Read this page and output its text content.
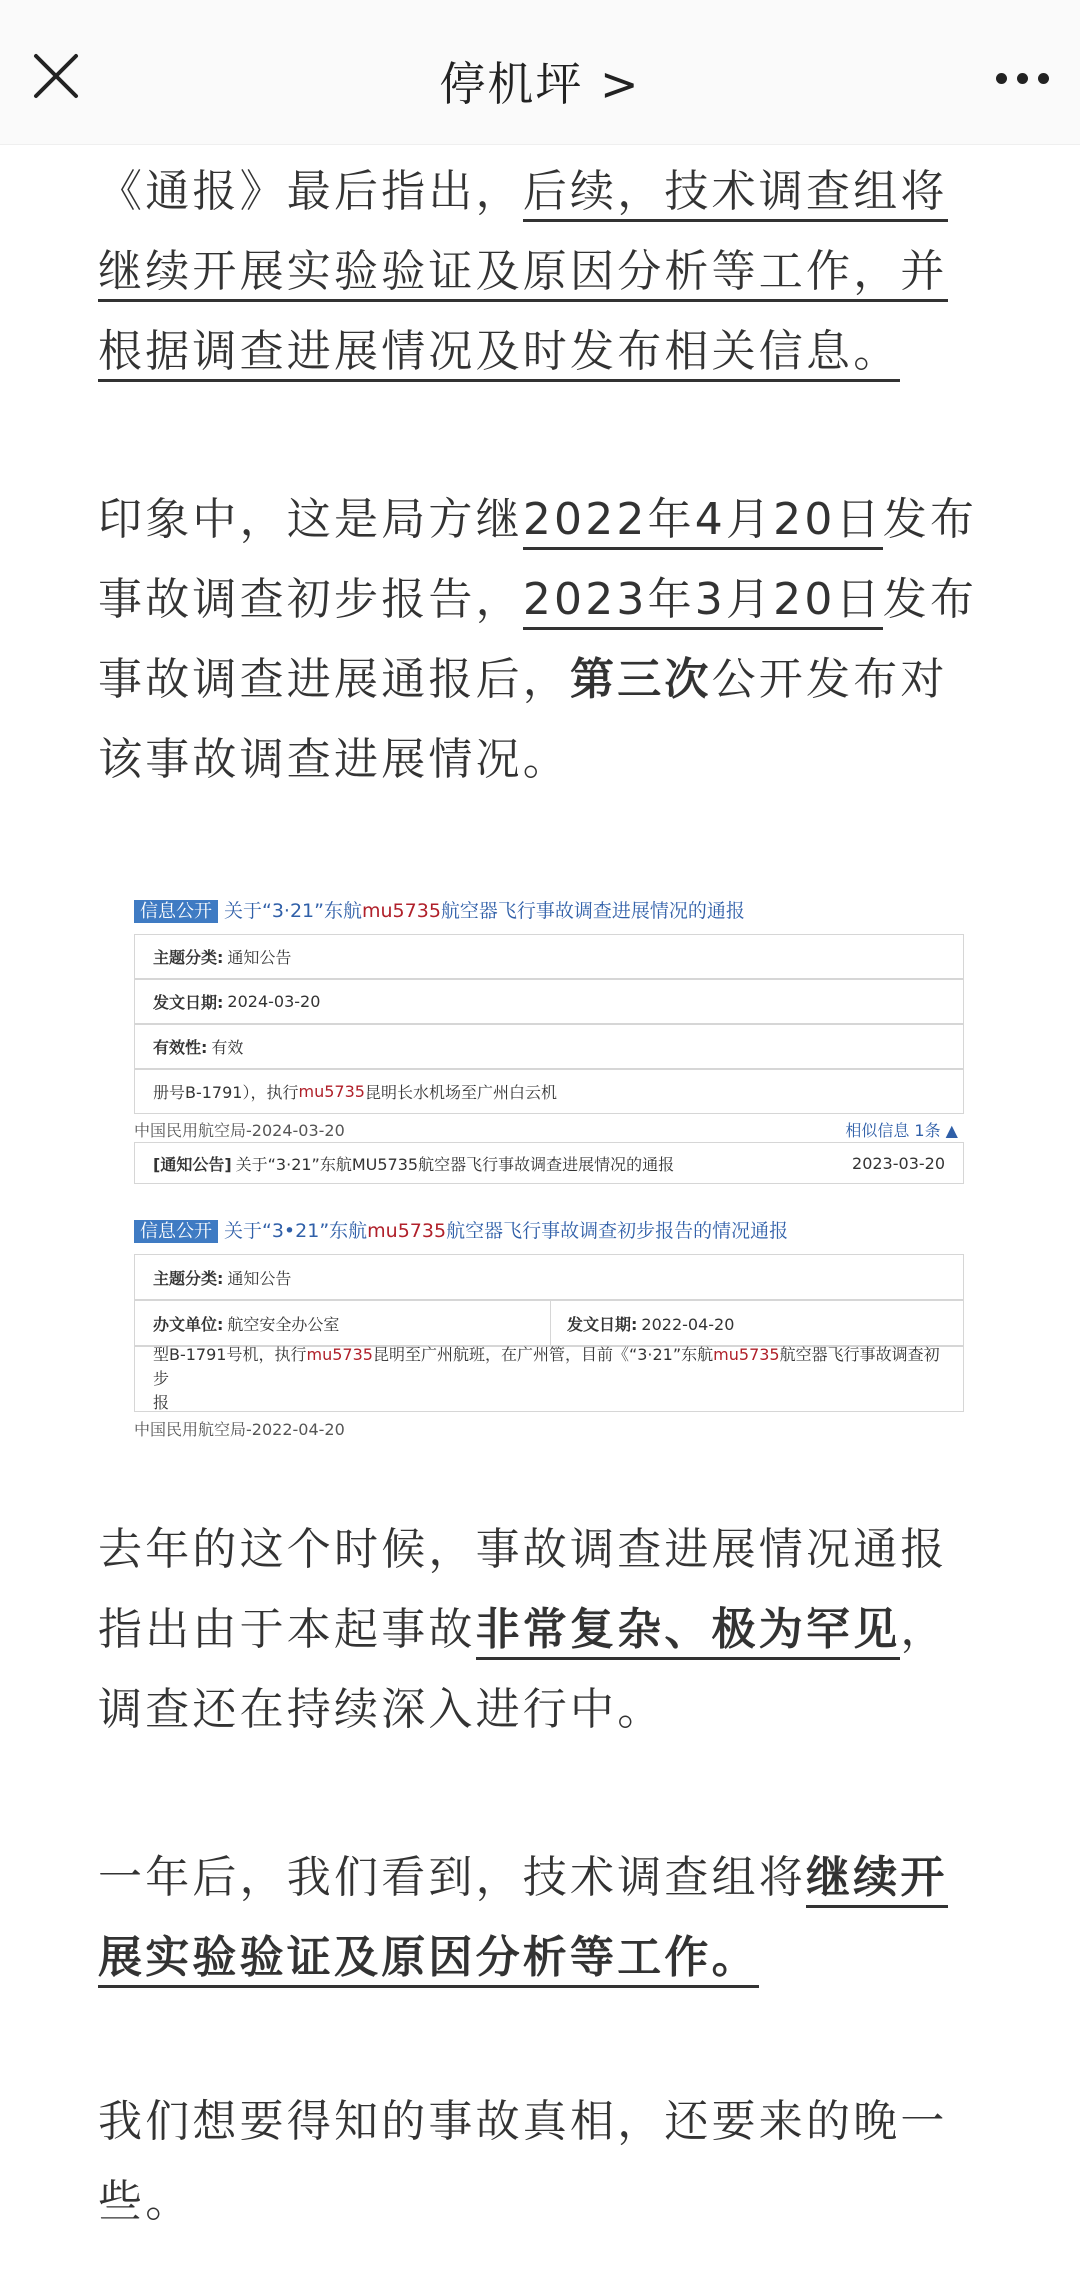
停机坪 >
《通报》最后指出，后续，技术调查组将继续开展实验验证及原因分析等工作，并根据调查进展情况及时发布相关信息。
印象中，这是局方继2022年4月20日发布事故调查初步报告，2023年3月20日发布事故调查进展通报后，第三次公开发布对该事故调查进展情况。
信息公开 关于“3·21”东航mu5735航空器飞行事故调查进展情况的通报
主题分类: 通知公告
发文日期: 2024-03-20
有效性: 有效
册号B-1791），执行 mu5735 昆明长水机场至广州白云机
中国民用航空局-2024-03-20	相似信息 1条 ▲
[通知公告] 关于“3·21”东航MU5735航空器飞行事故调查进展情况的通报	2023-03-20
信息公开 关于“3•21”东航mu5735航空器飞行事故调查初步报告的情况通报
主题分类: 通知公告
办文单位: 航空安全办公室	发文日期: 2022-04-20
型B-1791号机，执行mu5735昆明至广州航班，在广州管，目前《“3·21”东航mu5735航空器飞行事故调查初步
报
中国民用航空局-2022-04-20
去年的这个时候，事故调查进展情况通报指出由于本起事故非常复杂、极为罕见，调查还在持续深入进行中。
一年后，我们看到，技术调查组将继续开展实验验证及原因分析等工作。
我们想要得知的事故真相，还要来的晚一些。
